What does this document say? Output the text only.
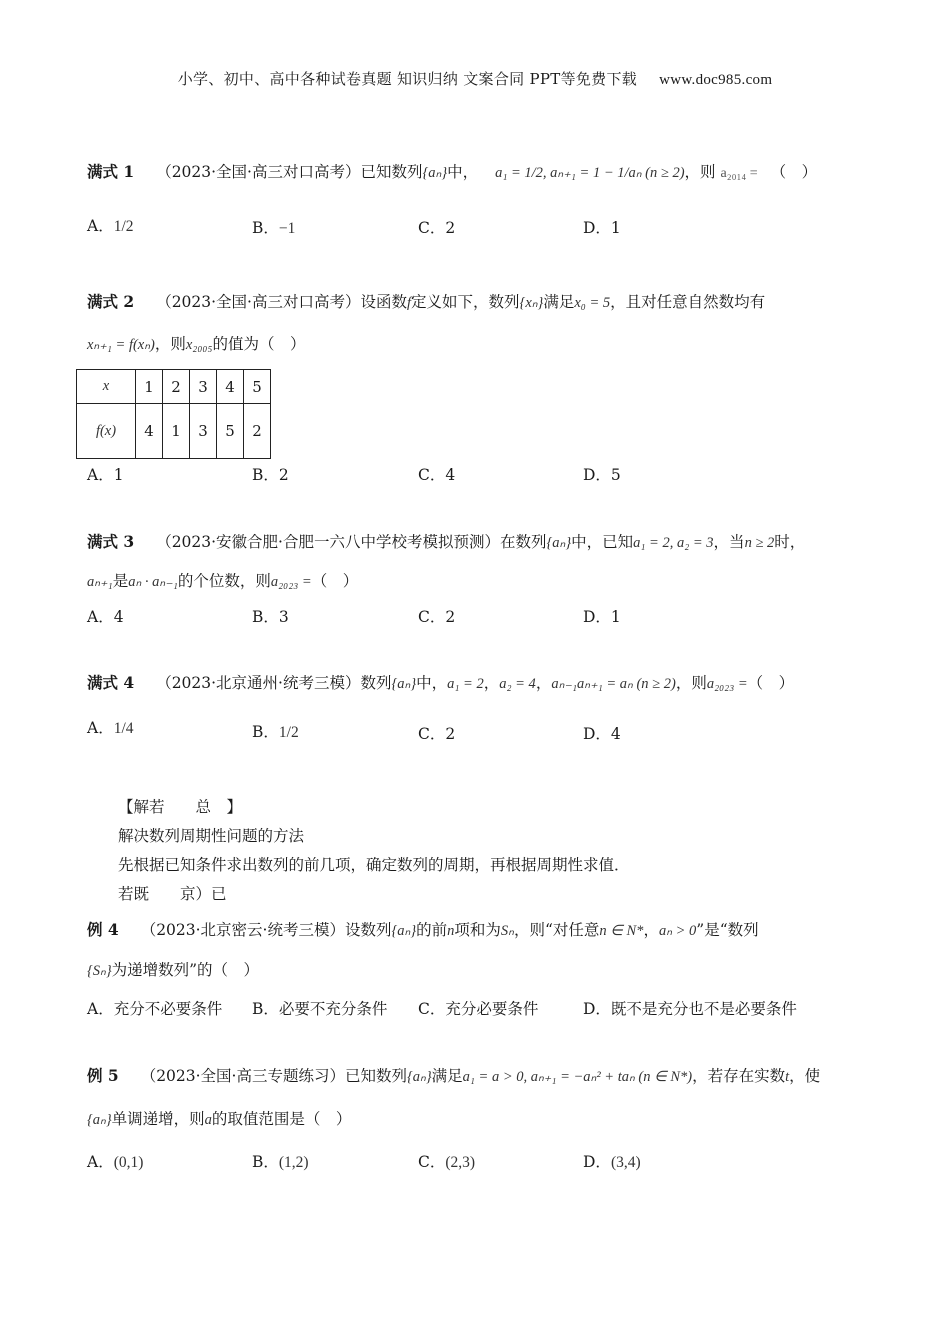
小学、初中、高中各种试卷真题 知识归纳 文案合同 PPT等免费下载 www.doc985.com
满式 1 （2023·全国·高三对口高考）已知数列{aₙ}中， a₁ = 1/2, aₙ₊₁ = 1 − 1/aₙ (n ≥ 2)，则 a₂₀₁₄ = （　）
A．1/2	B．−1	C．2	D．1
满式 2 （2023·全国·高三对口高考）设函数f定义如下，数列{xₙ}满足x₀ = 5，且对任意自然数均有
xₙ₊₁ = f(xₙ)，则x₂₀₀₅的值为（　）
x	1	2	3	4	5
f(x)	4	1	3	5	2
A．1	B．2	C．4	D．5
满式 3 （2023·安徽合肥·合肥一六八中学校考模拟预测）在数列{aₙ}中，已知a₁ = 2, a₂ = 3，当n ≥ 2时，
aₙ₊₁是aₙ · aₙ₋₁的个位数，则a₂₀₂₃ =（　）
A．4	B．3	C．2	D．1
满式 4 （2023·北京通州·统考三模）数列{aₙ}中，a₁ = 2，a₂ = 4，aₙ₋₁aₙ₊₁ = aₙ (n ≥ 2)，则a₂₀₂₃ =（　）
A．1/4	B．1/2	C．2	D．4
【解若　　总　】
解决数列周期性问题的方法
先根据已知条件求出数列的前几项，确定数列的周期，再根据周期性求值．
若既　　京）已
例 4 （2023·北京密云·统考三模）设数列{aₙ}的前n项和为Sₙ，则“对任意n ∈ N*，aₙ > 0”是“数列
{Sₙ}为递增数列”的（　）
A．充分不必要条件 B．必要不充分条件 C．充分必要条件	D．既不是充分也不是必要条件
例 5 （2023·全国·高三专题练习）已知数列{aₙ}满足a₁ = a > 0, aₙ₊₁ = −aₙ² + taₙ (n ∈ N*)，若存在实数t，使
{aₙ}单调递增，则a的取值范围是（　）
A．(0,1)	B．(1,2)	C．(2,3)	D．(3,4)
